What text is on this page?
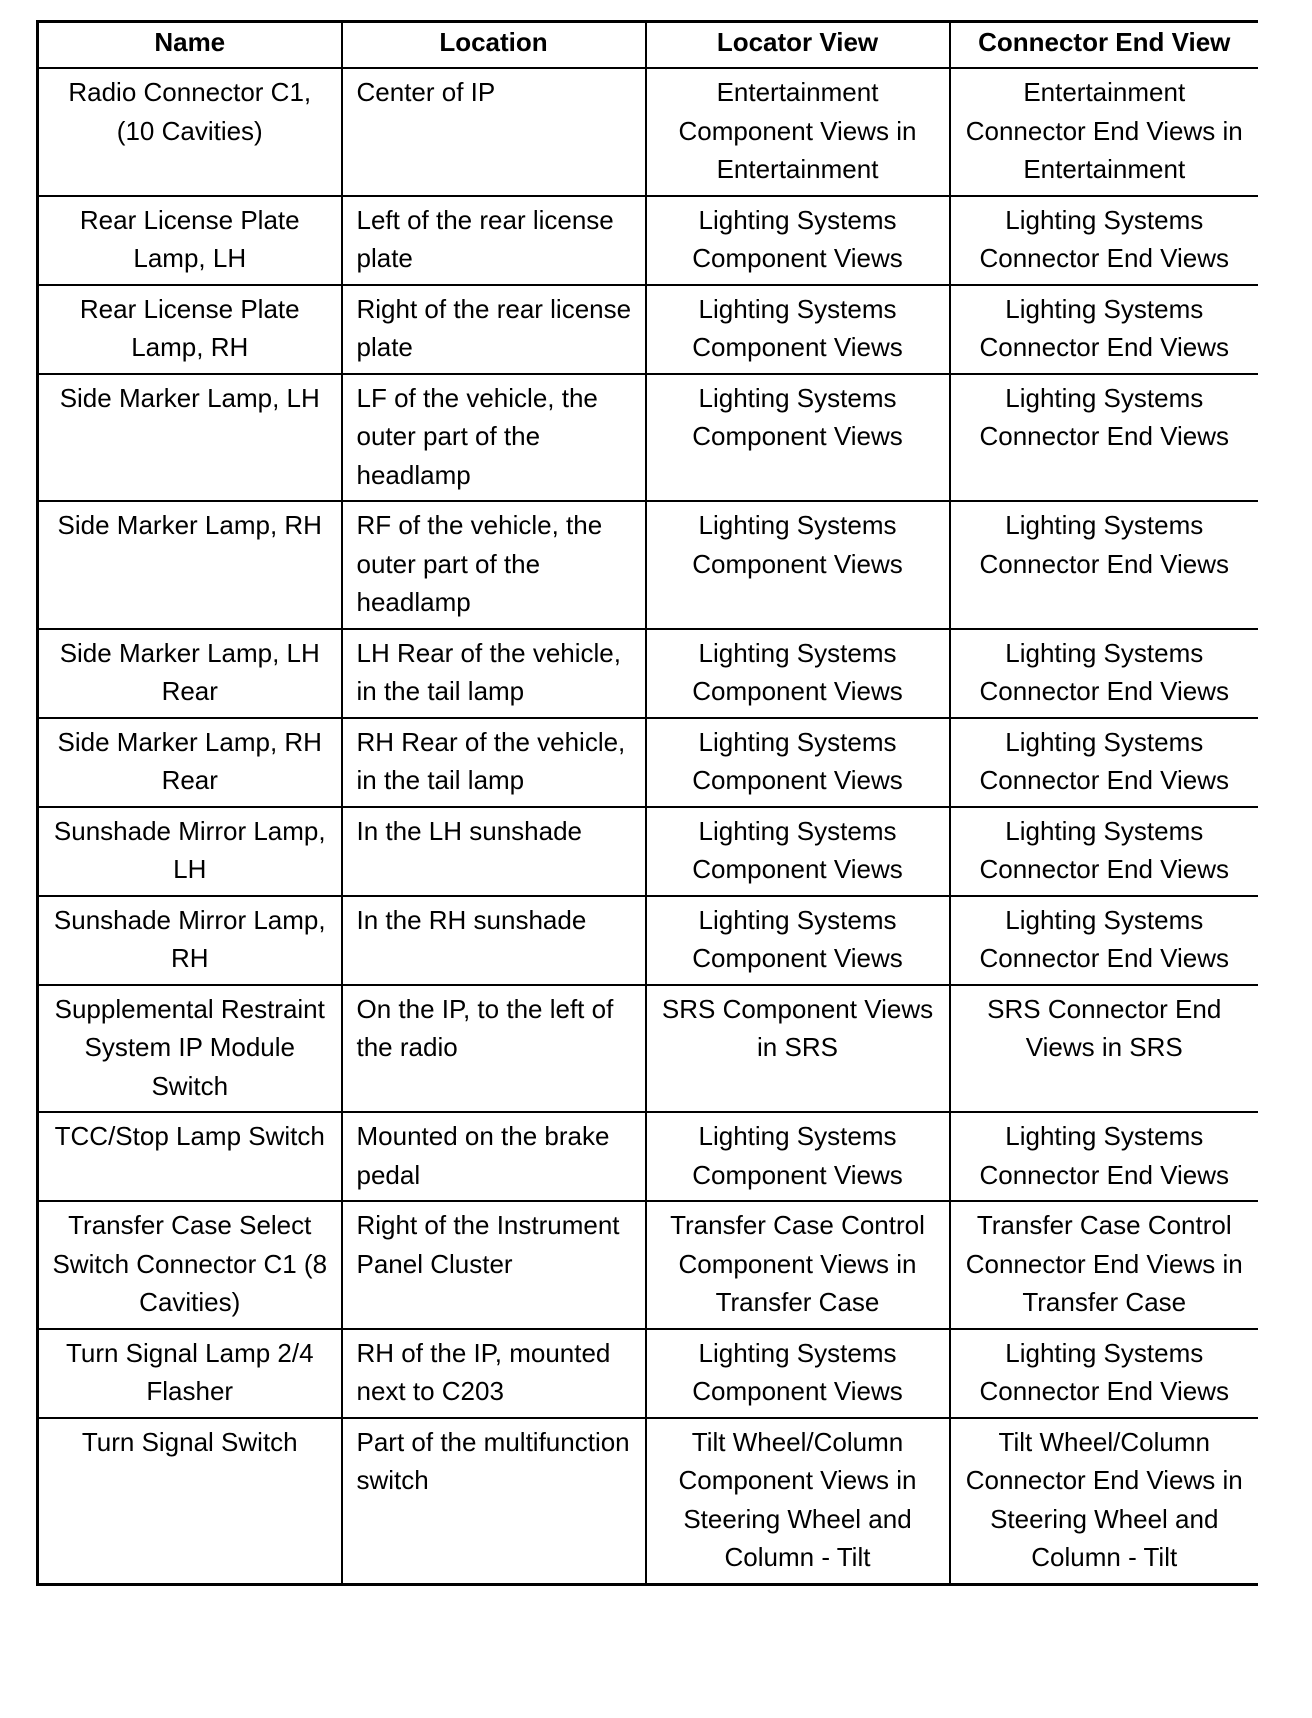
Name	Location	Locator View	Connector End View
Radio Connector C1, (10 Cavities)	Center of IP	Entertainment Component Views in Entertainment	Entertainment Connector End Views in Entertainment
Rear License Plate Lamp, LH	Left of the rear license plate	Lighting Systems Component Views	Lighting Systems Connector End Views
Rear License Plate Lamp, RH	Right of the rear license plate	Lighting Systems Component Views	Lighting Systems Connector End Views
Side Marker Lamp, LH	LF of the vehicle, the outer part of the headlamp	Lighting Systems Component Views	Lighting Systems Connector End Views
Side Marker Lamp, RH	RF of the vehicle, the outer part of the headlamp	Lighting Systems Component Views	Lighting Systems Connector End Views
Side Marker Lamp, LH Rear	LH Rear of the vehicle, in the tail lamp	Lighting Systems Component Views	Lighting Systems Connector End Views
Side Marker Lamp, RH Rear	RH Rear of the vehicle, in the tail lamp	Lighting Systems Component Views	Lighting Systems Connector End Views
Sunshade Mirror Lamp, LH	In the LH sunshade	Lighting Systems Component Views	Lighting Systems Connector End Views
Sunshade Mirror Lamp, RH	In the RH sunshade	Lighting Systems Component Views	Lighting Systems Connector End Views
Supplemental Restraint System IP Module Switch	On the IP, to the left of the radio	SRS Component Views in SRS	SRS Connector End Views in SRS
TCC/Stop Lamp Switch	Mounted on the brake pedal	Lighting Systems Component Views	Lighting Systems Connector End Views
Transfer Case Select Switch Connector C1 (8 Cavities)	Right of the Instrument Panel Cluster	Transfer Case Control Component Views in Transfer Case	Transfer Case Control Connector End Views in Transfer Case
Turn Signal Lamp 2/4 Flasher	RH of the IP, mounted next to C203	Lighting Systems Component Views	Lighting Systems Connector End Views
Turn Signal Switch	Part of the multifunction switch	Tilt Wheel/Column Component Views in Steering Wheel and Column - Tilt	Tilt Wheel/Column Connector End Views in Steering Wheel and Column - Tilt
